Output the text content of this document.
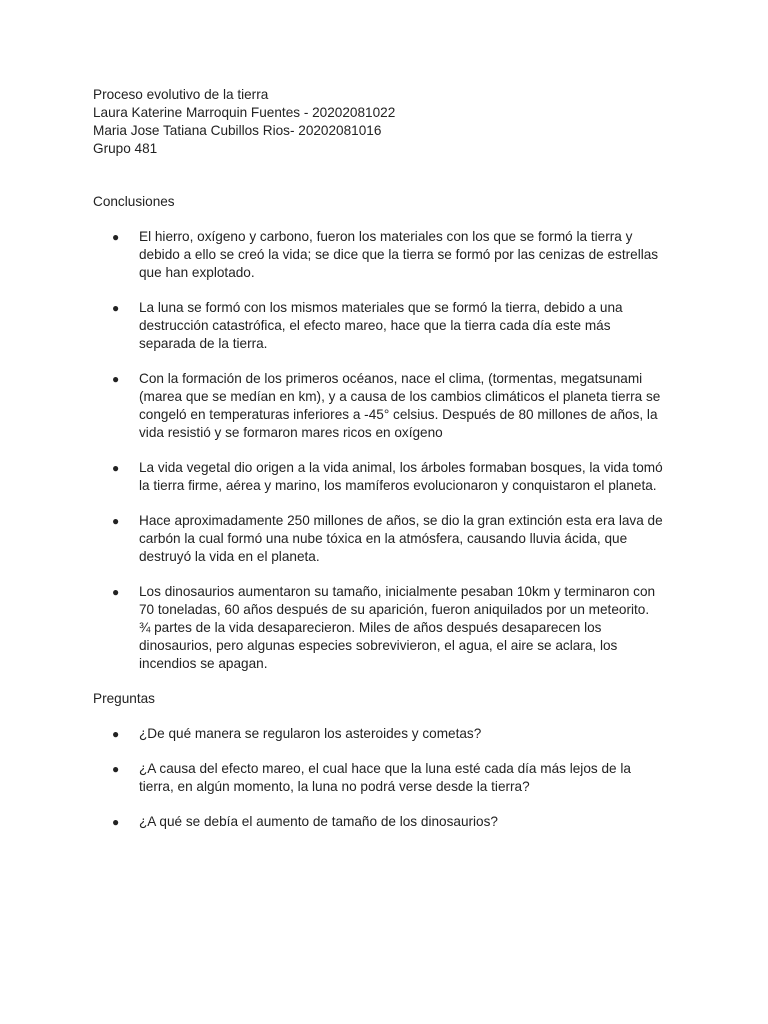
Proceso evolutivo de la tierra
Laura Katerine Marroquin Fuentes - 20202081022
Maria Jose Tatiana Cubillos Rios- 20202081016
Grupo 481
Conclusiones
● El hierro, oxígeno y carbono, fueron los materiales con los que se formó la tierra y debido a ello se creó la vida; se dice que la tierra se formó por las cenizas de estrellas que han explotado.
● La luna se formó con los mismos materiales que se formó la tierra, debido a una destrucción catastrófica, el efecto mareo, hace que la tierra cada día este más separada de la tierra.
● Con la formación de los primeros océanos, nace el clima, (tormentas, megatsunami (marea que se medían en km), y a causa de los cambios climáticos el planeta tierra se congeló en temperaturas inferiores a -45° celsius. Después de 80 millones de años, la vida resistió y se formaron mares ricos en oxígeno
● La vida vegetal dio origen a la vida animal, los árboles formaban bosques, la vida tomó la tierra firme, aérea y marino, los mamíferos evolucionaron y conquistaron el planeta.
● Hace aproximadamente 250 millones de años, se dio la gran extinción esta era lava de carbón la cual formó una nube tóxica en la atmósfera, causando lluvia ácida, que destruyó la vida en el planeta.
● Los dinosaurios aumentaron su tamaño, inicialmente pesaban 10km y terminaron con 70 toneladas, 60 años después de su aparición, fueron aniquilados por un meteorito. ¾ partes de la vida desaparecieron. Miles de años después desaparecen los dinosaurios, pero algunas especies sobrevivieron, el agua, el aire se aclara, los incendios se apagan.
Preguntas
● ¿De qué manera se regularon los asteroides y cometas?
● ¿A causa del efecto mareo, el cual hace que la luna esté cada día más lejos de la tierra, en algún momento, la luna no podrá verse desde la tierra?
● ¿A qué se debía el aumento de tamaño de los dinosaurios?
